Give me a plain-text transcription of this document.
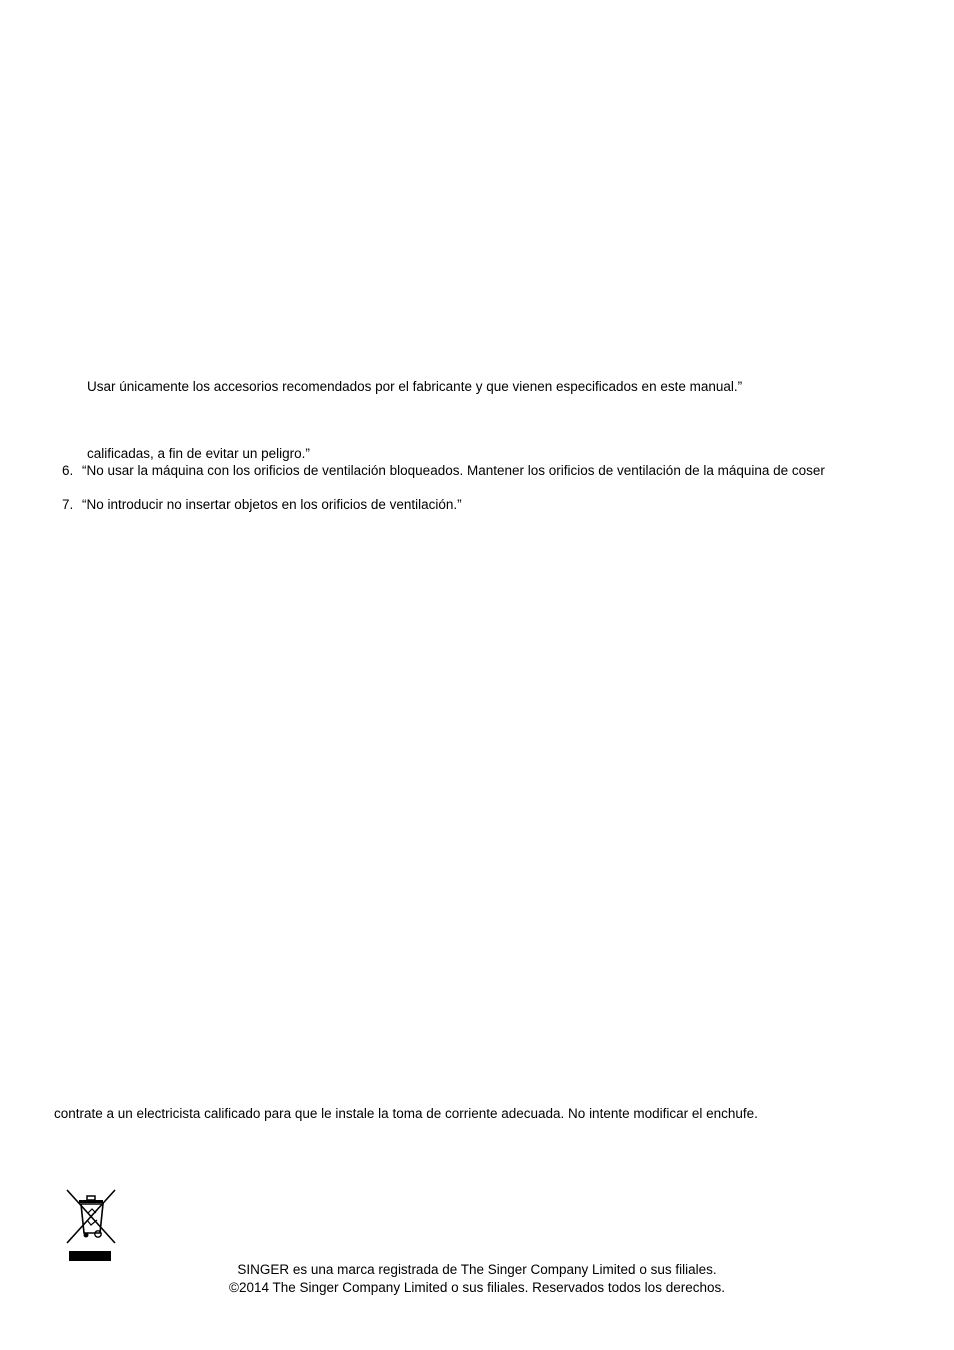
Usar únicamente los accesorios recomendados por el fabricante y que vienen especificados en este manual.”
calificadas, a fin de evitar un peligro.”
6. “No usar la máquina con los orificios de ventilación bloqueados. Mantener los orificios de ventilación de la máquina de coser
7. “No introducir no insertar objetos en los orificios de ventilación.”
contrate a un electricista calificado para que le instale la toma de corriente adecuada. No intente modificar el enchufe.
SINGER es una marca registrada de The Singer Company Limited o sus filiales.
©2014 The Singer Company Limited o sus filiales. Reservados todos los derechos.
